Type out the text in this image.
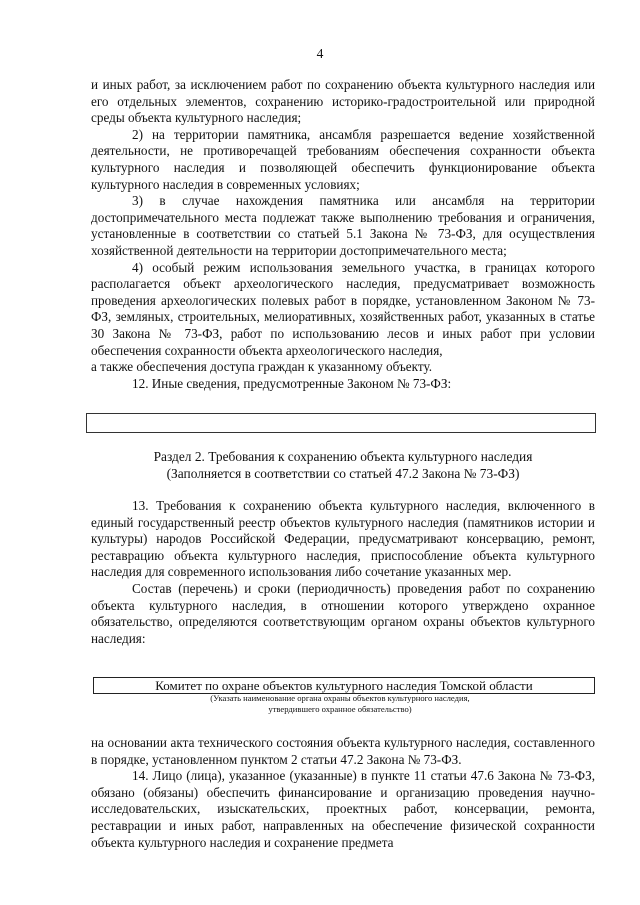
4

и иных работ, за исключением работ по сохранению объекта культурного наследия или его отдельных элементов, сохранению историко-градостроительной или природной среды объекта культурного наследия;

2) на территории памятника, ансамбля разрешается ведение хозяйственной деятельности, не противоречащей требованиям обеспечения сохранности объекта культурного наследия и позволяющей обеспечить функционирование объекта культурного наследия в современных условиях;

3) в случае нахождения памятника или ансамбля на территории достопримечательного места подлежат также выполнению требования и ограничения, установленные в соответствии со статьей 5.1 Закона № 73-ФЗ, для осуществления хозяйственной деятельности на территории достопримечательного места;

4) особый режим использования земельного участка, в границах которого располагается объект археологического наследия, предусматривает возможность проведения археологических полевых работ в порядке, установленном Законом № 73-ФЗ, земляных, строительных, мелиоративных, хозяйственных работ, указанных в статье 30 Закона № 73-ФЗ, работ по использованию лесов и иных работ при условии обеспечения сохранности объекта археологического наследия,

а также обеспечения доступа граждан к указанному объекту.

12. Иные сведения, предусмотренные Законом № 73-ФЗ:

Раздел 2. Требования к сохранению объекта культурного наследия
(Заполняется в соответствии со статьей 47.2 Закона № 73-ФЗ)

13. Требования к сохранению объекта культурного наследия, включенного в единый государственный реестр объектов культурного наследия (памятников истории и культуры) народов Российской Федерации, предусматривают консервацию, ремонт, реставрацию объекта культурного наследия, приспособление объекта культурного наследия для современного использования либо сочетание указанных мер.

Состав (перечень) и сроки (периодичность) проведения работ по сохранению объекта культурного наследия, в отношении которого утверждено охранное обязательство, определяются соответствующим органом охраны объектов культурного наследия:

Комитет по охране объектов культурного наследия Томской области
(Указать наименование органа охраны объектов культурного наследия,
утвердившего охранное обязательство)

на основании акта технического состояния объекта культурного наследия, составленного в порядке, установленном пунктом 2 статьи 47.2 Закона № 73-ФЗ.

14. Лицо (лица), указанное (указанные) в пункте 11 статьи 47.6 Закона № 73-ФЗ, обязано (обязаны) обеспечить финансирование и организацию проведения научно-исследовательских, изыскательских, проектных работ, консервации, ремонта, реставрации и иных работ, направленных на обеспечение физической сохранности объекта культурного наследия и сохранение предмета
